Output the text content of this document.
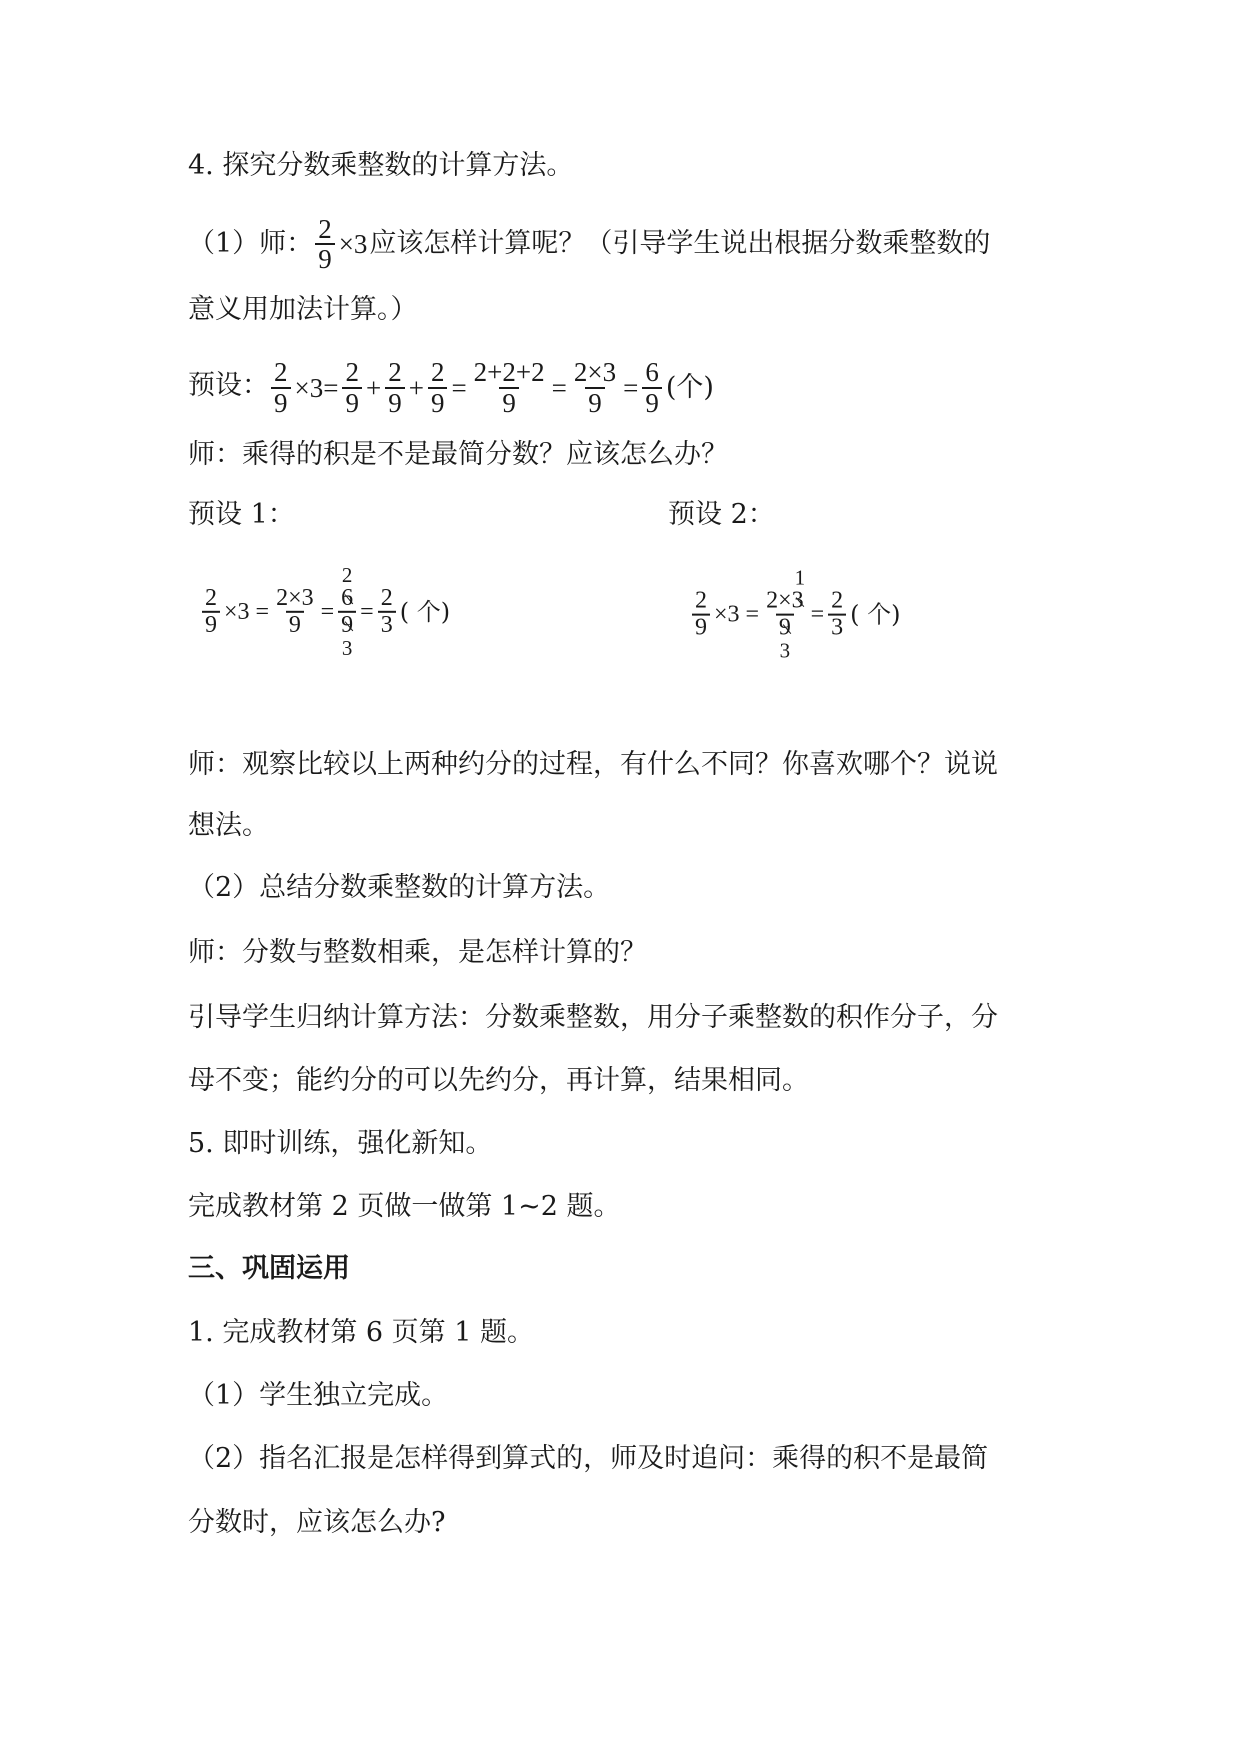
4. 探究分数乘整数的计算方法。
（1）师： $\frac{2}{9} \times 3$应该怎样计算呢？（引导学生说出根据分数乘整数的
意义用加法计算。）
预设： $\frac{2}{9} \times 3= \frac{2}{9} + \frac{2}{9} + \frac{2}{9} = \frac{2+2+2}{9} = \frac{2\times 3}{9} = \frac{6}{9}$ (个)
师：乘得的积是不是最简分数？应该怎么办？
预设 1：	预设 2：
$\frac{2}{9} \times 3 = \frac{2\times 3}{9}$ =
2
$\frac{6}{9}$
3
= $\frac{2}{3}$ ( 个)	$\frac{2}{9} \times 3$ =
1
$\frac{2\times 3}{9}$
3
= $\frac{2}{3}$ ( 个)
师：观察比较以上两种约分的过程，有什么不同？你喜欢哪个？说说
想法。
（2）总结分数乘整数的计算方法。
师：分数与整数相乘，是怎样计算的？
引导学生归纳计算方法：分数乘整数，用分子乘整数的积作分子，分
母不变；能约分的可以先约分，再计算，结果相同。
5. 即时训练，强化新知。
完成教材第 2 页做一做第 1~2 题。
三、巩固运用
1. 完成教材第 6 页第 1 题。
（1）学生独立完成。
（2）指名汇报是怎样得到算式的，师及时追问：乘得的积不是最简
分数时，应该怎么办?
